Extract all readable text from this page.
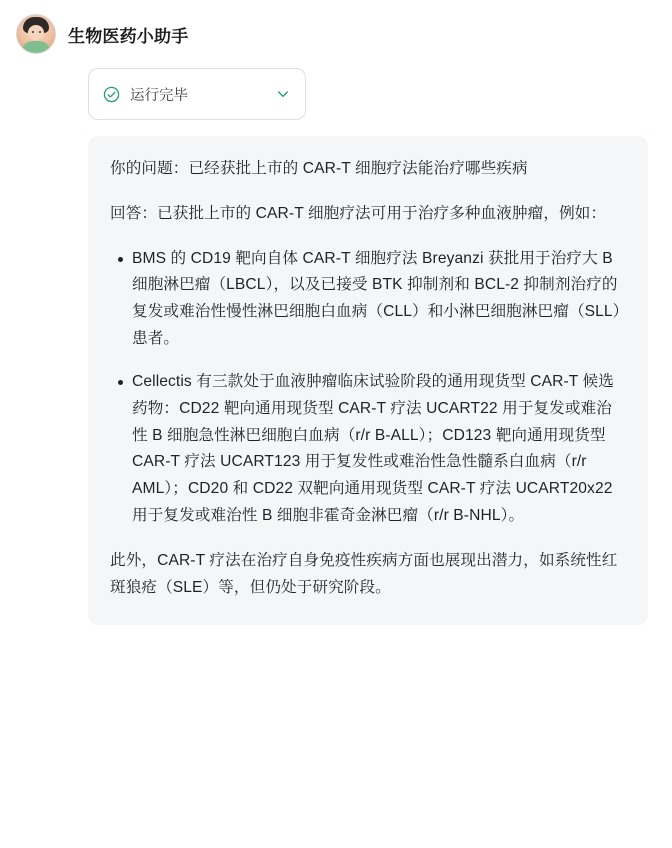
生物医药小助手
运行完毕

你的问题：已经获批上市的 CAR-T 细胞疗法能治疗哪些疾病

回答：已获批上市的 CAR-T 细胞疗法可用于治疗多种血液肿瘤，例如：

BMS 的 CD19 靶向自体 CAR-T 细胞疗法 Breyanzi 获批用于治疗大 B 细胞淋巴瘤（LBCL），以及已接受 BTK 抑制剂和 BCL-2 抑制剂治疗的复发或难治性慢性淋巴细胞白血病（CLL）和小淋巴细胞淋巴瘤（SLL）患者。
Cellectis 有三款处于血液肿瘤临床试验阶段的通用现货型 CAR-T 候选药物：CD22 靶向通用现货型 CAR-T 疗法 UCART22 用于复发或难治性 B 细胞急性淋巴细胞白血病（r/r B-ALL）；CD123 靶向通用现货型 CAR-T 疗法 UCART123 用于复发性或难治性急性髓系白血病（r/r AML）；CD20 和 CD22 双靶向通用现货型 CAR-T 疗法 UCART20x22 用于复发或难治性 B 细胞非霍奇金淋巴瘤（r/r B-NHL）。

此外，CAR-T 疗法在治疗自身免疫性疾病方面也展现出潜力，如系统性红斑狼疮（SLE）等，但仍处于研究阶段。
